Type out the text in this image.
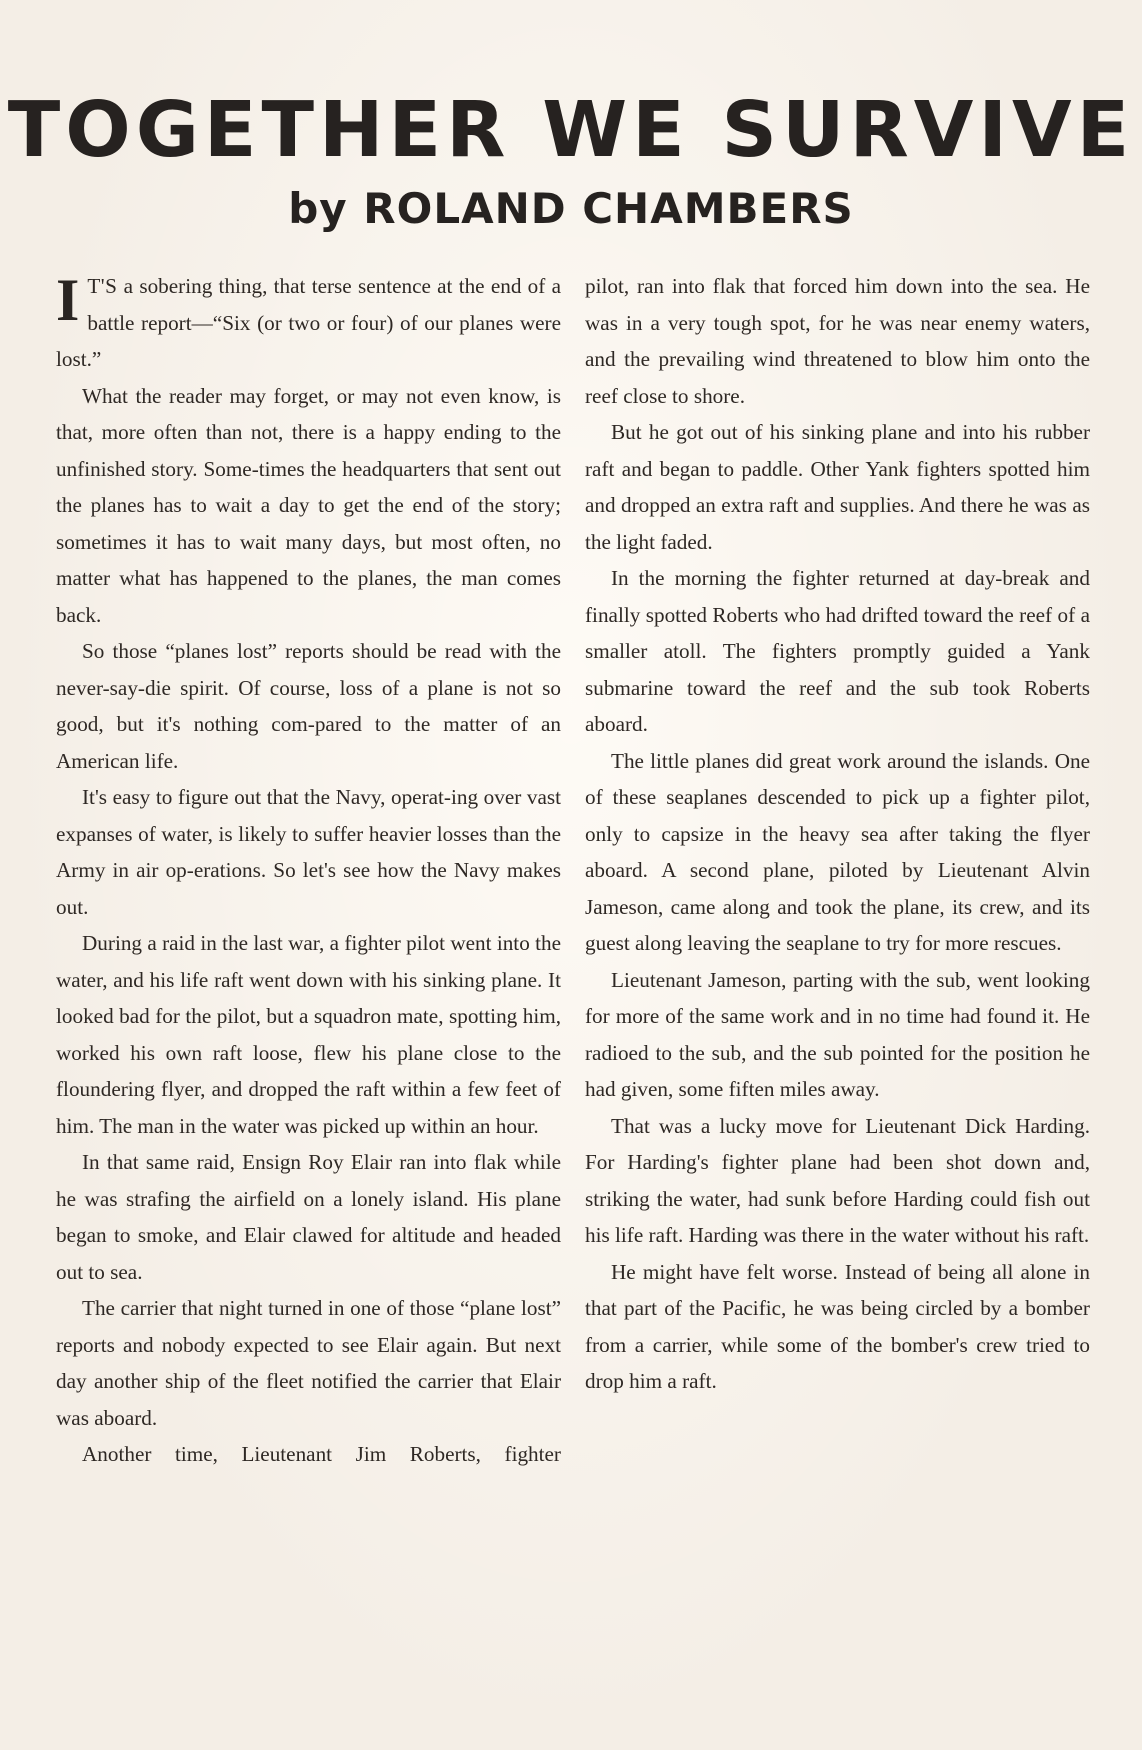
TOGETHER WE SURVIVE
by ROLAND CHAMBERS

I T'S a sobering thing, that terse sentence at the end of a battle report—“Six (or two or four) of our planes were lost.”

What the reader may forget, or may not even know, is that, more often than not, there is a happy ending to the unfinished story. Some-times the headquarters that sent out the planes has to wait a day to get the end of the story; sometimes it has to wait many days, but most often, no matter what has happened to the planes, the man comes back.

So those “planes lost” reports should be read with the never-say-die spirit. Of course, loss of a plane is not so good, but it's nothing com-pared to the matter of an American life.

It's easy to figure out that the Navy, operat-ing over vast expanses of water, is likely to suffer heavier losses than the Army in air op-erations. So let's see how the Navy makes out.

During a raid in the last war, a fighter pilot went into the water, and his life raft went down with his sinking plane. It looked bad for the pilot, but a squadron mate, spotting him, worked his own raft loose, flew his plane close to the floundering flyer, and dropped the raft within a few feet of him. The man in the water was picked up within an hour.

In that same raid, Ensign Roy Elair ran into flak while he was strafing the airfield on a lonely island. His plane began to smoke, and Elair clawed for altitude and headed out to sea.

The carrier that night turned in one of those “plane lost” reports and nobody expected to see Elair again. But next day another ship of the fleet notified the carrier that Elair was aboard.

Another time, Lieutenant Jim Roberts, fighter

pilot, ran into flak that forced him down into the sea. He was in a very tough spot, for he was near enemy waters, and the prevailing wind threatened to blow him onto the reef close to shore.

But he got out of his sinking plane and into his rubber raft and began to paddle. Other Yank fighters spotted him and dropped an extra raft and supplies. And there he was as the light faded.

In the morning the fighter returned at day-break and finally spotted Roberts who had drifted toward the reef of a smaller atoll. The fighters promptly guided a Yank submarine toward the reef and the sub took Roberts aboard.

The little planes did great work around the islands. One of these seaplanes descended to pick up a fighter pilot, only to capsize in the heavy sea after taking the flyer aboard. A second plane, piloted by Lieutenant Alvin Jameson, came along and took the plane, its crew, and its guest along leaving the seaplane to try for more rescues.

Lieutenant Jameson, parting with the sub, went looking for more of the same work and in no time had found it. He radioed to the sub, and the sub pointed for the position he had given, some fiften miles away.

That was a lucky move for Lieutenant Dick Harding. For Harding's fighter plane had been shot down and, striking the water, had sunk before Harding could fish out his life raft. Harding was there in the water without his raft.

He might have felt worse. Instead of being all alone in that part of the Pacific, he was being circled by a bomber from a carrier, while some of the bomber's crew tried to drop him a raft.
